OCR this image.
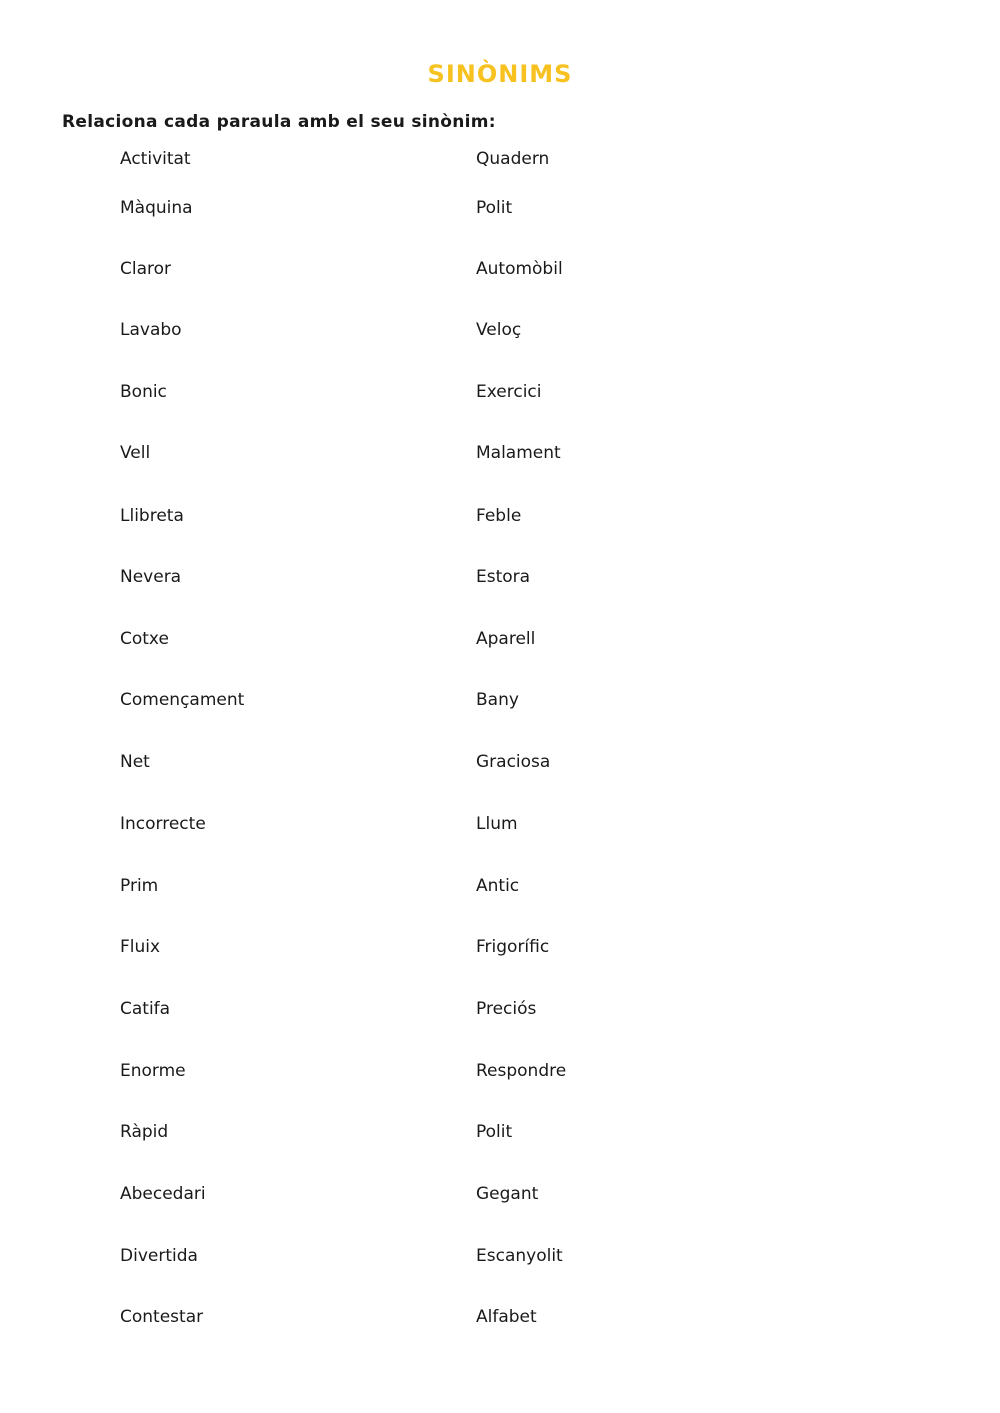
SINÒNIMS
Relaciona cada paraula amb el seu sinònim:
Activitat
Màquina
Claror
Lavabo
Bonic
Vell
Llibreta
Nevera
Cotxe
Començament
Net
Incorrecte
Prim
Fluix
Catifa
Enorme
Ràpid
Abecedari
Divertida
Contestar
Quadern
Polit
Automòbil
Veloç
Exercici
Malament
Feble
Estora
Aparell
Bany
Graciosa
Llum
Antic
Frigorífic
Preciós
Respondre
Polit
Gegant
Escanyolit
Alfabet
